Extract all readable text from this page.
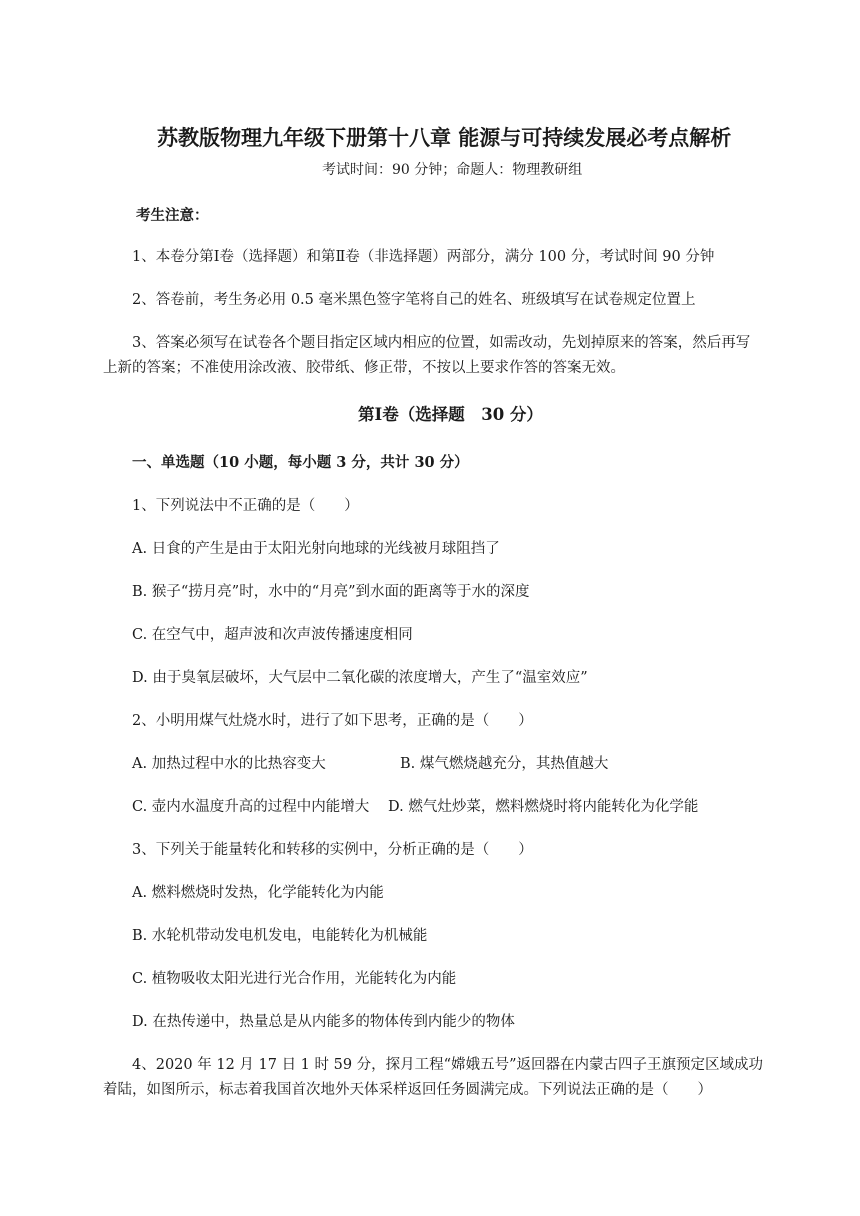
苏教版物理九年级下册第十八章 能源与可持续发展必考点解析
考试时间：90 分钟；命题人：物理教研组
考生注意：
1、本卷分第Ⅰ卷（选择题）和第Ⅱ卷（非选择题）两部分，满分 100 分，考试时间 90 分钟
2、答卷前，考生务必用 0.5 毫米黑色签字笔将自己的姓名、班级填写在试卷规定位置上
3、答案必须写在试卷各个题目指定区域内相应的位置，如需改动，先划掉原来的答案，然后再写
上新的答案；不准使用涂改液、胶带纸、修正带，不按以上要求作答的答案无效。
第Ⅰ卷（选择题　30 分）
一、单选题（10 小题，每小题 3 分，共计 30 分）
1、下列说法中不正确的是（　　）
A. 日食的产生是由于太阳光射向地球的光线被月球阻挡了
B. 猴子“捞月亮”时，水中的“月亮”到水面的距离等于水的深度
C. 在空气中，超声波和次声波传播速度相同
D. 由于臭氧层破坏，大气层中二氧化碳的浓度增大，产生了“温室效应”
2、小明用煤气灶烧水时，进行了如下思考，正确的是（　　）
A. 加热过程中水的比热容变大	B. 煤气燃烧越充分，其热值越大
C. 壶内水温度升高的过程中内能增大 D. 燃气灶炒菜，燃料燃烧时将内能转化为化学能
3、下列关于能量转化和转移的实例中，分析正确的是（　　）
A. 燃料燃烧时发热，化学能转化为内能
B. 水轮机带动发电机发电，电能转化为机械能
C. 植物吸收太阳光进行光合作用，光能转化为内能
D. 在热传递中，热量总是从内能多的物体传到内能少的物体
4、2020 年 12 月 17 日 1 时 59 分，探月工程“嫦娥五号”返回器在内蒙古四子王旗预定区域成功
着陆，如图所示，标志着我国首次地外天体采样返回任务圆满完成。下列说法正确的是（　　）
